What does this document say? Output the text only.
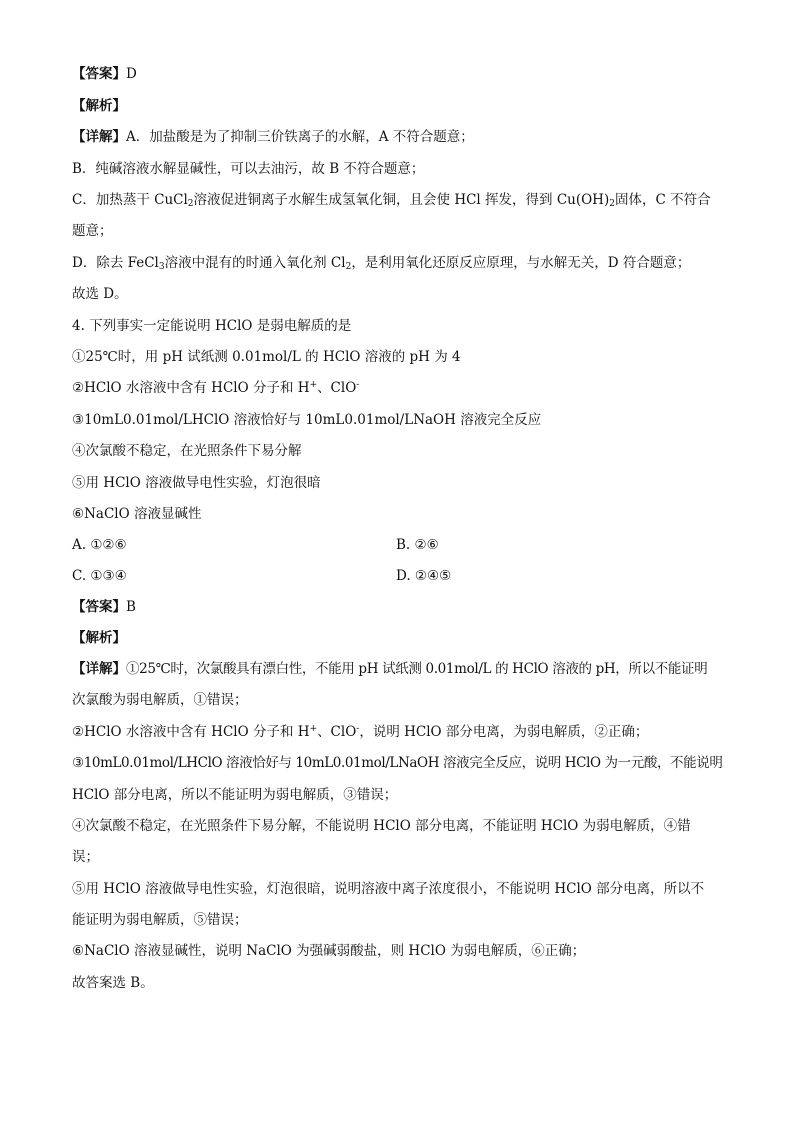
【答案】D
【解析】
【详解】A．加盐酸是为了抑制三价铁离子的水解，A 不符合题意；
B．纯碱溶液水解显碱性，可以去油污，故 B 不符合题意；
C．加热蒸干 CuCl$_2$溶液促进铜离子水解生成氢氧化铜，且会使 HCl 挥发，得到 $Cu(OH)_2$固体，C 不符合
题意；
D．除去 FeCl$_3$溶液中混有的时通入氧化剂 $Cl_2$，是利用氧化还原反应原理，与水解无关，D 符合题意；
故选 D。
4. 下列事实一定能说明 HClO 是弱电解质的是
①25℃时，用 pH 试纸测 0.01mol/L 的 HClO 溶液的 pH 为 4
②HClO 水溶液中含有 HClO 分子和 H+、ClO-
③10mL0.01mol/LHClO 溶液恰好与 10mL0.01mol/LNaOH 溶液完全反应
④次氯酸不稳定，在光照条件下易分解
⑤用 HClO 溶液做导电性实验，灯泡很暗
⑥NaClO 溶液显碱性
A. ①②⑥	B. ②⑥
C. ①③④	D. ②④⑤
【答案】B
【解析】
【详解】①25℃时，次氯酸具有漂白性，不能用 pH 试纸测 0.01mol/L 的 HClO 溶液的 pH，所以不能证明
次氯酸为弱电解质，①错误；
②HClO 水溶液中含有 HClO 分子和 H+、ClO-，说明 HClO 部分电离，为弱电解质，②正确；
③10mL0.01mol/LHClO 溶液恰好与 10mL0.01mol/LNaOH 溶液完全反应，说明 HClO 为一元酸，不能说明
HClO 部分电离，所以不能证明为弱电解质，③错误；
④次氯酸不稳定，在光照条件下易分解，不能说明 HClO 部分电离，不能证明 HClO 为弱电解质，④错
误；
⑤用 HClO 溶液做导电性实验，灯泡很暗，说明溶液中离子浓度很小，不能说明 HClO 部分电离，所以不
能证明为弱电解质，⑤错误；
⑥NaClO 溶液显碱性，说明 NaClO 为强碱弱酸盐，则 HClO 为弱电解质，⑥正确；
故答案选 B。
